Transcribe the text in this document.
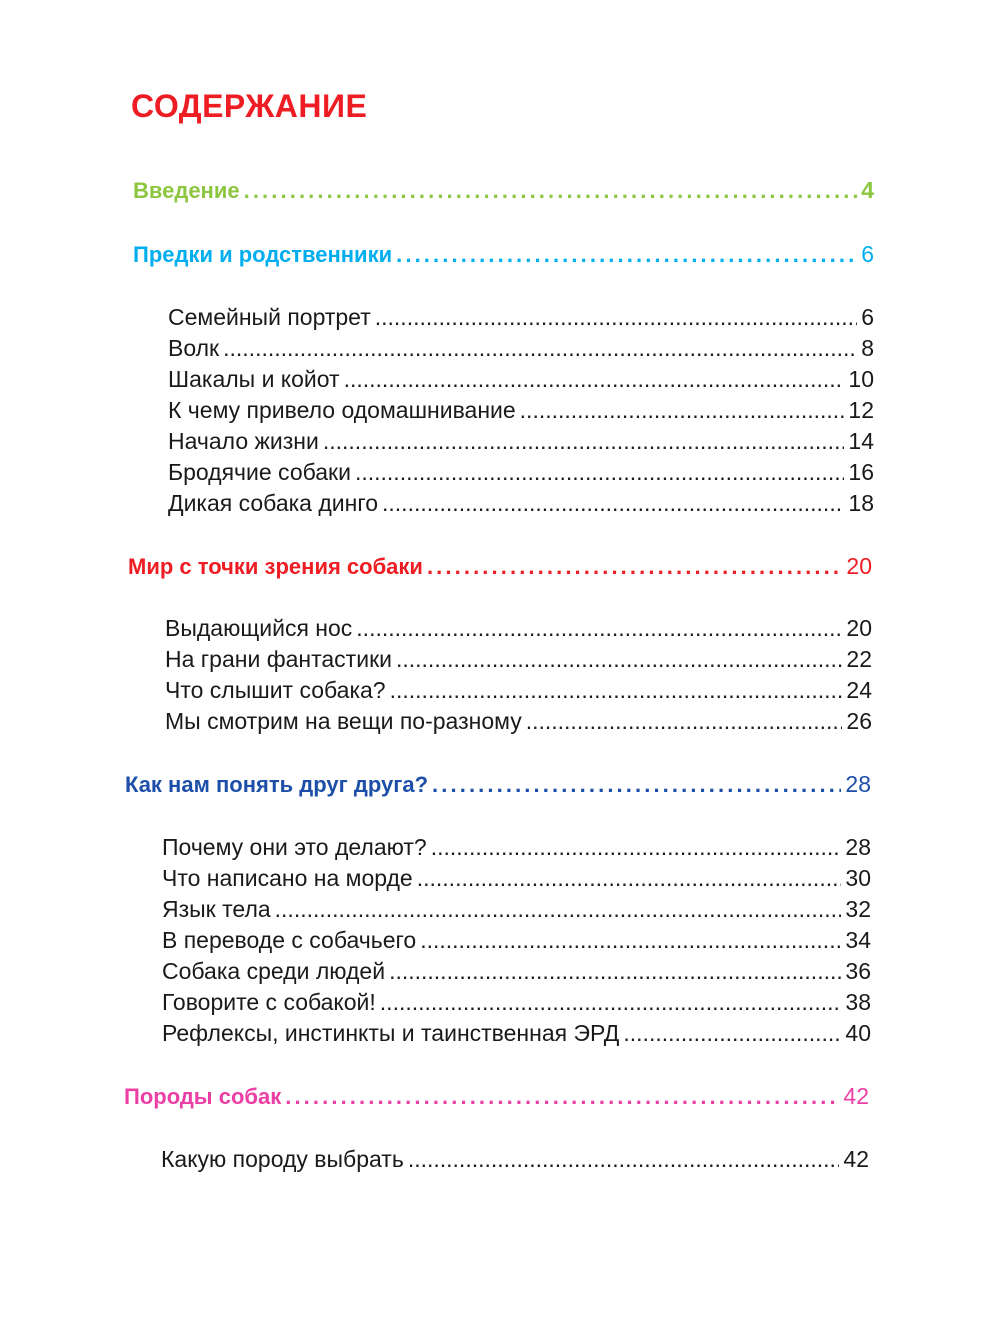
СОДЕРЖАНИЕ
Введение . . .	4
Предки и родственники . . .	6
Семейный портрет .....	6
Волк .....	8
Шакалы и койот .....	10
К чему привело одомашнивание .....	12
Начало жизни .....	14
Бродячие собаки .....	16
Дикая собака динго .....	18
Мир с точки зрения собаки . . .	20
Выдающийся нос .....	20
На грани фантастики .....	22
Что слышит собака? .....	24
Мы смотрим на вещи по-разному .....	26
Как нам понять друг друга? . . .	28
Почему они это делают? .....	28
Что написано на морде .....	30
Язык тела .....	32
В переводе с собачьего .....	34
Собака среди людей .....	36
Говорите с собакой! .....	38
Рефлексы, инстинкты и таинственная ЭРД .....	40
Породы собак . . .	42
Какую породу выбрать .....	42
